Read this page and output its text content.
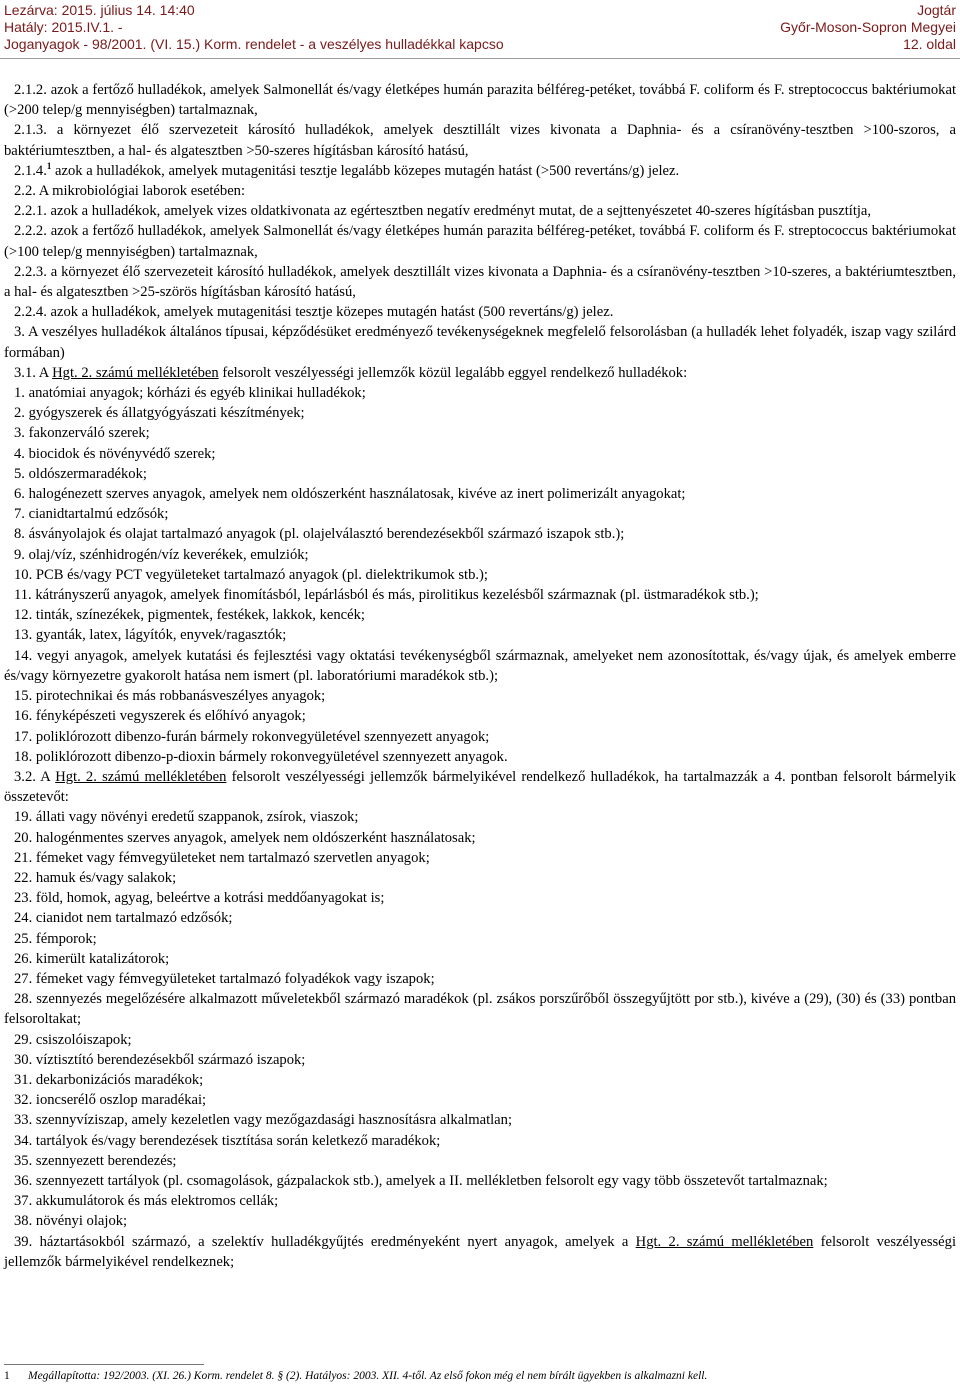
Lezárva: 2015. július 14. 14:40
Hatály: 2015.IV.1. -
Joganyagok - 98/2001. (VI. 15.) Korm. rendelet - a veszélyes hulladékkal kapcso
Jogtár
Győr-Moson-Sopron Megyei
12. oldal

2.1.2. azok a fertőző hulladékok, amelyek Salmonellát és/vagy életképes humán parazita bélféreg-petéket, továbbá F. coliform és F. streptococcus baktériumokat (>200 telep/g mennyiségben) tartalmaznak,

2.1.3. a környezet élő szervezeteit károsító hulladékok, amelyek desztillált vizes kivonata a Daphnia- és a csíranövény-tesztben >100-szoros, a baktériumtesztben, a hal- és algatesztben >50-szeres hígításban károsító hatású,

2.1.4.$^1$ azok a hulladékok, amelyek mutagenitási tesztje legalább közepes mutagén hatást (>500 revertáns/g) jelez.

2.2. A mikrobiológiai laborok esetében:

2.2.1. azok a hulladékok, amelyek vizes oldatkivonata az egértesztben negatív eredményt mutat, de a sejttenyészetet 40-szeres hígításban pusztítja,

2.2.2. azok a fertőző hulladékok, amelyek Salmonellát és/vagy életképes humán parazita bélféreg-petéket, továbbá F. coliform és F. streptococcus baktériumokat (>100 telep/g mennyiségben) tartalmaznak,

2.2.3. a környezet élő szervezeteit károsító hulladékok, amelyek desztillált vizes kivonata a Daphnia- és a csíranövény-tesztben >10-szeres, a baktériumtesztben, a hal- és algatesztben >25-szörös hígításban károsító hatású,

2.2.4. azok a hulladékok, amelyek mutagenitási tesztje közepes mutagén hatást (500 revertáns/g) jelez.

3. A veszélyes hulladékok általános típusai, képződésüket eredményező tevékenységeknek megfelelő felsorolásban (a hulladék lehet folyadék, iszap vagy szilárd formában)

3.1. A Hgt. 2. számú mellékletében felsorolt veszélyességi jellemzők közül legalább eggyel rendelkező hulladékok:

1. anatómiai anyagok; kórházi és egyéb klinikai hulladékok;

2. gyógyszerek és állatgyógyászati készítmények;

3. fakonzerváló szerek;

4. biocidok és növényvédő szerek;

5. oldószermaradékok;

6. halogénezett szerves anyagok, amelyek nem oldószerként használatosak, kivéve az inert polimerizált anyagokat;

7. cianidtartalmú edzősók;

8. ásványolajok és olajat tartalmazó anyagok (pl. olajelválasztó berendezésekből származó iszapok stb.);

9. olaj/víz, szénhidrogén/víz keverékek, emulziók;

10. PCB és/vagy PCT vegyületeket tartalmazó anyagok (pl. dielektrikumok stb.);

11. kátrányszerű anyagok, amelyek finomításból, lepárlásból és más, pirolitikus kezelésből származnak (pl. üstmaradékok stb.);

12. tinták, színezékek, pigmentek, festékek, lakkok, kencék;

13. gyanták, latex, lágyítók, enyvek/ragasztók;

14. vegyi anyagok, amelyek kutatási és fejlesztési vagy oktatási tevékenységből származnak, amelyeket nem azonosítottak, és/vagy újak, és amelyek emberre és/vagy környezetre gyakorolt hatása nem ismert (pl. laboratóriumi maradékok stb.);

15. pirotechnikai és más robbanásveszélyes anyagok;

16. fényképészeti vegyszerek és előhívó anyagok;

17. poliklórozott dibenzo-furán bármely rokonvegyületével szennyezett anyagok;

18. poliklórozott dibenzo-p-dioxin bármely rokonvegyületével szennyezett anyagok.

3.2. A Hgt. 2. számú mellékletében felsorolt veszélyességi jellemzők bármelyikével rendelkező hulladékok, ha tartalmazzák a 4. pontban felsorolt bármelyik összetevőt:

19. állati vagy növényi eredetű szappanok, zsírok, viaszok;

20. halogénmentes szerves anyagok, amelyek nem oldószerként használatosak;

21. fémeket vagy fémvegyületeket nem tartalmazó szervetlen anyagok;

22. hamuk és/vagy salakok;

23. föld, homok, agyag, beleértve a kotrási meddőanyagokat is;

24. cianidot nem tartalmazó edzősók;

25. fémporok;

26. kimerült katalizátorok;

27. fémeket vagy fémvegyületeket tartalmazó folyadékok vagy iszapok;

28. szennyezés megelőzésére alkalmazott műveletekből származó maradékok (pl. zsákos porszűrőből összegyűjtött por stb.), kivéve a (29), (30) és (33) pontban felsoroltakat;

29. csiszolóiszapok;

30. víztisztító berendezésekből származó iszapok;

31. dekarbonizációs maradékok;

32. ioncserélő oszlop maradékai;

33. szennyvíziszap, amely kezeletlen vagy mezőgazdasági hasznosításra alkalmatlan;

34. tartályok és/vagy berendezések tisztítása során keletkező maradékok;

35. szennyezett berendezés;

36. szennyezett tartályok (pl. csomagolások, gázpalackok stb.), amelyek a II. mellékletben felsorolt egy vagy több összetevőt tartalmaznak;

37. akkumulátorok és más elektromos cellák;

38. növényi olajok;

39. háztartásokból származó, a szelektív hulladékgyűjtés eredményeként nyert anyagok, amelyek a Hgt. 2. számú mellékletében felsorolt veszélyességi jellemzők bármelyikével rendelkeznek;

1 Megállapította: 192/2003. (XI. 26.) Korm. rendelet 8. § (2). Hatályos: 2003. XII. 4-től. Az első fokon még el nem bírált ügyekben is alkalmazni kell.
